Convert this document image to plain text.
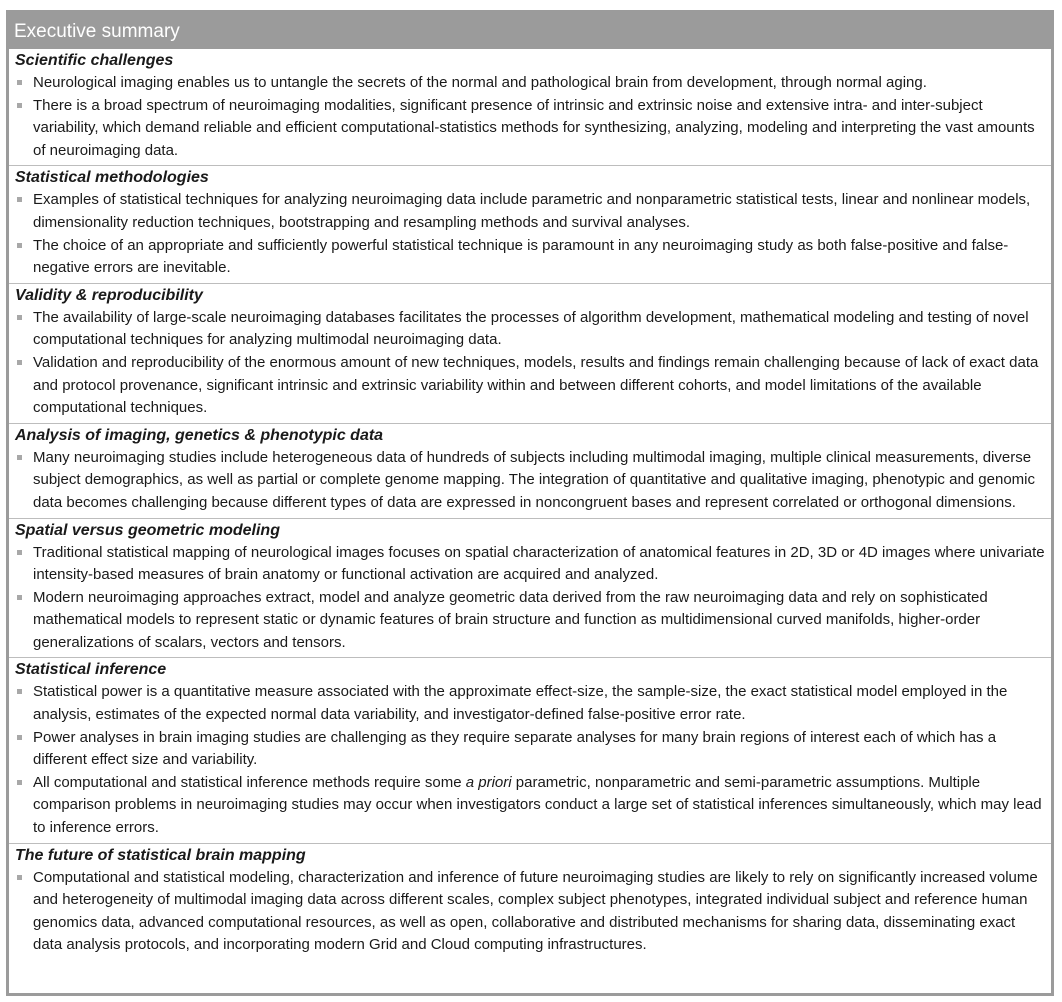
Executive summary
Scientific challenges
Neurological imaging enables us to untangle the secrets of the normal and pathological brain from development, through normal aging.
There is a broad spectrum of neuroimaging modalities, significant presence of intrinsic and extrinsic noise and extensive intra- and inter-subject variability, which demand reliable and efficient computational-statistics methods for synthesizing, analyzing, modeling and interpreting the vast amounts of neuroimaging data.
Statistical methodologies
Examples of statistical techniques for analyzing neuroimaging data include parametric and nonparametric statistical tests, linear and nonlinear models, dimensionality reduction techniques, bootstrapping and resampling methods and survival analyses.
The choice of an appropriate and sufficiently powerful statistical technique is paramount in any neuroimaging study as both false-positive and false-negative errors are inevitable.
Validity & reproducibility
The availability of large-scale neuroimaging databases facilitates the processes of algorithm development, mathematical modeling and testing of novel computational techniques for analyzing multimodal neuroimaging data.
Validation and reproducibility of the enormous amount of new techniques, models, results and findings remain challenging because of lack of exact data and protocol provenance, significant intrinsic and extrinsic variability within and between different cohorts, and model limitations of the available computational techniques.
Analysis of imaging, genetics & phenotypic data
Many neuroimaging studies include heterogeneous data of hundreds of subjects including multimodal imaging, multiple clinical measurements, diverse subject demographics, as well as partial or complete genome mapping. The integration of quantitative and qualitative imaging, phenotypic and genomic data becomes challenging because different types of data are expressed in noncongruent bases and represent correlated or orthogonal dimensions.
Spatial versus geometric modeling
Traditional statistical mapping of neurological images focuses on spatial characterization of anatomical features in 2D, 3D or 4D images where univariate intensity-based measures of brain anatomy or functional activation are acquired and analyzed.
Modern neuroimaging approaches extract, model and analyze geometric data derived from the raw neuroimaging data and rely on sophisticated mathematical models to represent static or dynamic features of brain structure and function as multidimensional curved manifolds, higher-order generalizations of scalars, vectors and tensors.
Statistical inference
Statistical power is a quantitative measure associated with the approximate effect-size, the sample-size, the exact statistical model employed in the analysis, estimates of the expected normal data variability, and investigator-defined false-positive error rate.
Power analyses in brain imaging studies are challenging as they require separate analyses for many brain regions of interest each of which has a different effect size and variability.
All computational and statistical inference methods require some a priori parametric, nonparametric and semi-parametric assumptions. Multiple comparison problems in neuroimaging studies may occur when investigators conduct a large set of statistical inferences simultaneously, which may lead to inference errors.
The future of statistical brain mapping
Computational and statistical modeling, characterization and inference of future neuroimaging studies are likely to rely on significantly increased volume and heterogeneity of multimodal imaging data across different scales, complex subject phenotypes, integrated individual subject and reference human genomics data, advanced computational resources, as well as open, collaborative and distributed mechanisms for sharing data, disseminating exact data analysis protocols, and incorporating modern Grid and Cloud computing infrastructures.
